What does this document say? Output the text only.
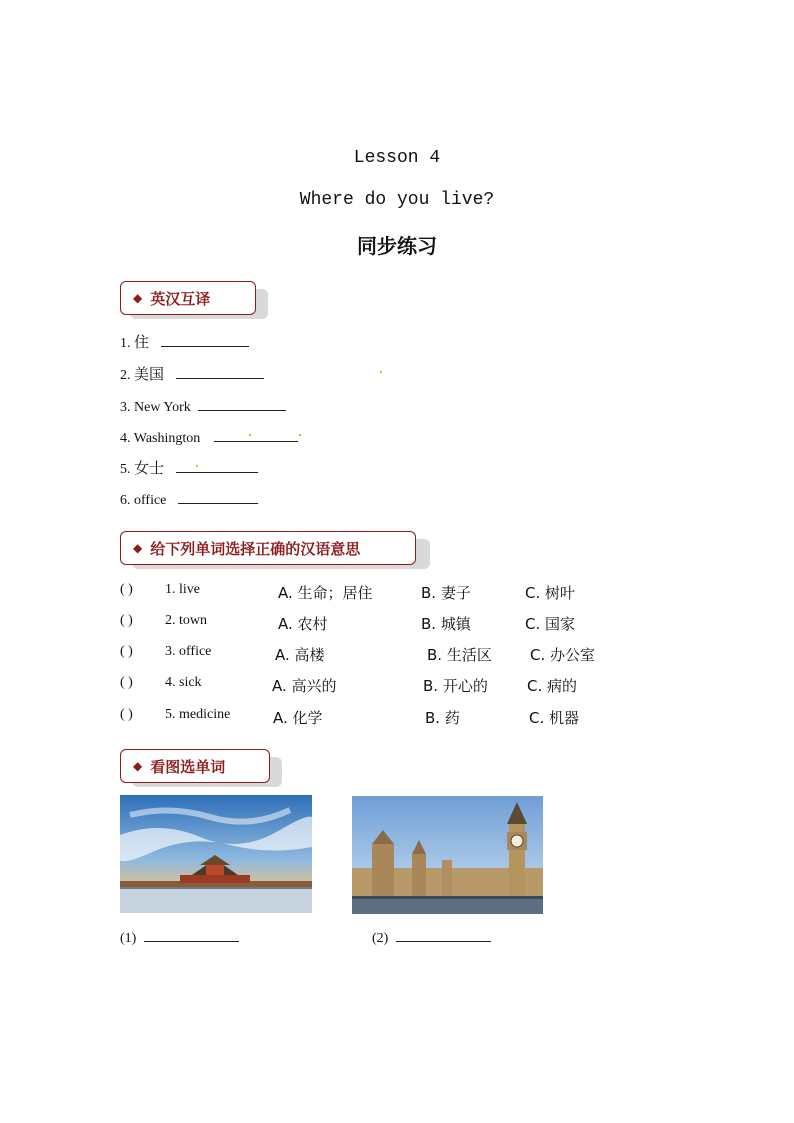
Lesson 4
Where do you live?
同步练习
◆ 英汉互译
1. 住
2. 美国
3. New York
4. Washington
5. 女士
6. office
◆ 给下列单词选择正确的汉语意思
( ) 1. live	A. 生命；居住	B. 妻子	C. 树叶
( ) 2. town	A. 农村	B. 城镇	C. 国家
( ) 3. office	A. 高楼	B. 生活区	C. 办公室
( ) 4. sick	A. 高兴的	B. 开心的	C. 病的
( ) 5. medicine	A. 化学	B. 药	C. 机器
◆ 看图选单词
(1)	(2)
